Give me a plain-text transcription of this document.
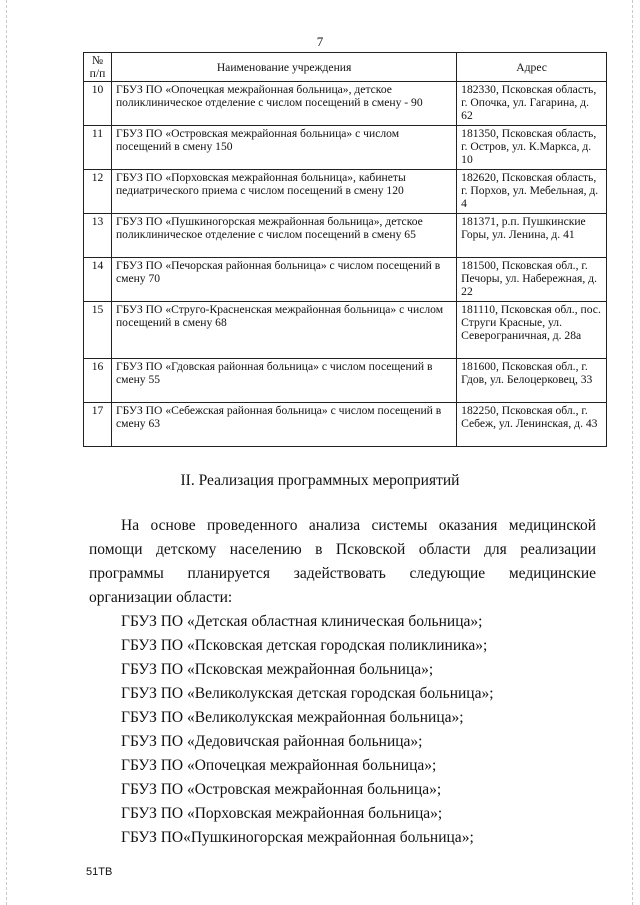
7
№ п/п	Наименование учреждения	Адрес
10	ГБУЗ ПО «Опочецкая межрайонная больница», детское поликлиническое отделение с числом посещений в смену - 90	182330, Псковская область, г. Опочка, ул. Гагарина, д. 62
11	ГБУЗ ПО «Островская межрайонная больница» с числом посещений в смену 150	181350, Псковская область, г. Остров, ул. К.Маркса, д. 10
12	ГБУЗ ПО «Порховская межрайонная больница», кабинеты педиатрического приема с числом посещений в смену 120	182620, Псковская область, г. Порхов, ул. Мебельная, д. 4
13	ГБУЗ ПО «Пушкиногорская межрайонная больница», детское поликлиническое отделение с числом посещений в смену 65	181371, р.п. Пушкинские Горы, ул. Ленина, д. 41
14	ГБУЗ ПО «Печорская районная больница» с числом посещений в смену 70	181500, Псковская обл., г. Печоры, ул. Набережная, д. 22
15	ГБУЗ ПО «Струго-Красненская межрайонная больница» с числом посещений в смену 68	181110, Псковская обл., пос. Струги Красные, ул. Северограничная, д. 28а
16	ГБУЗ ПО «Гдовская районная больница» с числом посещений в смену 55	181600, Псковская обл., г. Гдов, ул. Белоцерковец, 33
17	ГБУЗ ПО «Себежская районная больница» с числом посещений в смену 63	182250, Псковская обл., г. Себеж, ул. Ленинская, д. 43
II. Реализация программных мероприятий

На основе проведенного анализа системы оказания медицинской помощи детскому населению в Псковской области для реализации программы планируется задействовать следующие медицинские организации области:

ГБУЗ ПО «Детская областная клиническая больница»;
ГБУЗ ПО «Псковская детская городская поликлиника»;
ГБУЗ ПО «Псковская межрайонная больница»;
ГБУЗ ПО «Великолукская детская городская больница»;
ГБУЗ ПО «Великолукская межрайонная больница»;
ГБУЗ ПО «Дедовичская районная больница»;
ГБУЗ ПО «Опочецкая межрайонная больница»;
ГБУЗ ПО «Островская межрайонная больница»;
ГБУЗ ПО «Порховская межрайонная больница»;
ГБУЗ ПО«Пушкиногорская межрайонная больница»;
51ТВ
